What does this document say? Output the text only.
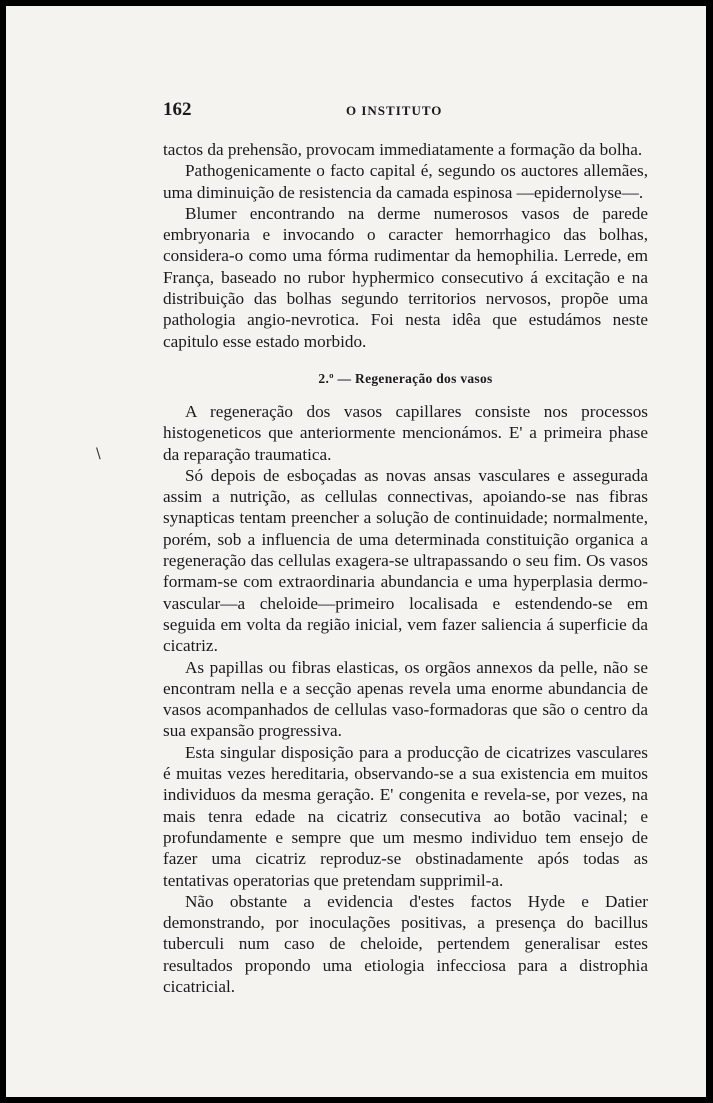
\
162	O INSTITUTO

tactos da prehensão, provocam immediatamente a formação da bolha.

Pathogenicamente o facto capital é, segundo os auctores allemães, uma diminuição de resistencia da camada espinosa —epidernolyse—.

Blumer encontrando na derme numerosos vasos de parede embryonaria e invocando o caracter hemorrhagico das bolhas, considera-o como uma fórma rudimentar da hemophilia. Lerrede, em França, baseado no rubor hyphermico consecutivo á excitação e na distribuição das bolhas segundo territorios nervosos, propõe uma pathologia angio-nevrotica. Foi nesta idêa que estudámos neste capitulo esse estado morbido.

2.º — Regeneração dos vasos

A regeneração dos vasos capillares consiste nos processos histogeneticos que anteriormente mencionámos. E' a primeira phase da reparação traumatica.

Só depois de esboçadas as novas ansas vasculares e assegurada assim a nutrição, as cellulas connectivas, apoiando-se nas fibras synapticas tentam preencher a solução de continuidade; normalmente, porém, sob a influencia de uma determinada constituição organica a regeneração das cellulas exagera-se ultrapassando o seu fim. Os vasos formam-se com extraordinaria abundancia e uma hyperplasia dermo-vascular—a cheloide—primeiro localisada e estendendo-se em seguida em volta da região inicial, vem fazer saliencia á superficie da cicatriz.

As papillas ou fibras elasticas, os orgãos annexos da pelle, não se encontram nella e a secção apenas revela uma enorme abundancia de vasos acompanhados de cellulas vaso-formadoras que são o centro da sua expansão progressiva.

Esta singular disposição para a producção de cicatrizes vasculares é muitas vezes hereditaria, observando-se a sua existencia em muitos individuos da mesma geração. E' congenita e revela-se, por vezes, na mais tenra edade na cicatriz consecutiva ao botão vacinal; e profundamente e sempre que um mesmo individuo tem ensejo de fazer uma cicatriz reproduz-se obstinadamente após todas as tentativas operatorias que pretendam supprimil-a.

Não obstante a evidencia d'estes factos Hyde e Datier demonstrando, por inoculações positivas, a presença do bacillus tuberculi num caso de cheloide, pertendem generalisar estes resultados propondo uma etiologia infecciosa para a distrophia cicatricial.
